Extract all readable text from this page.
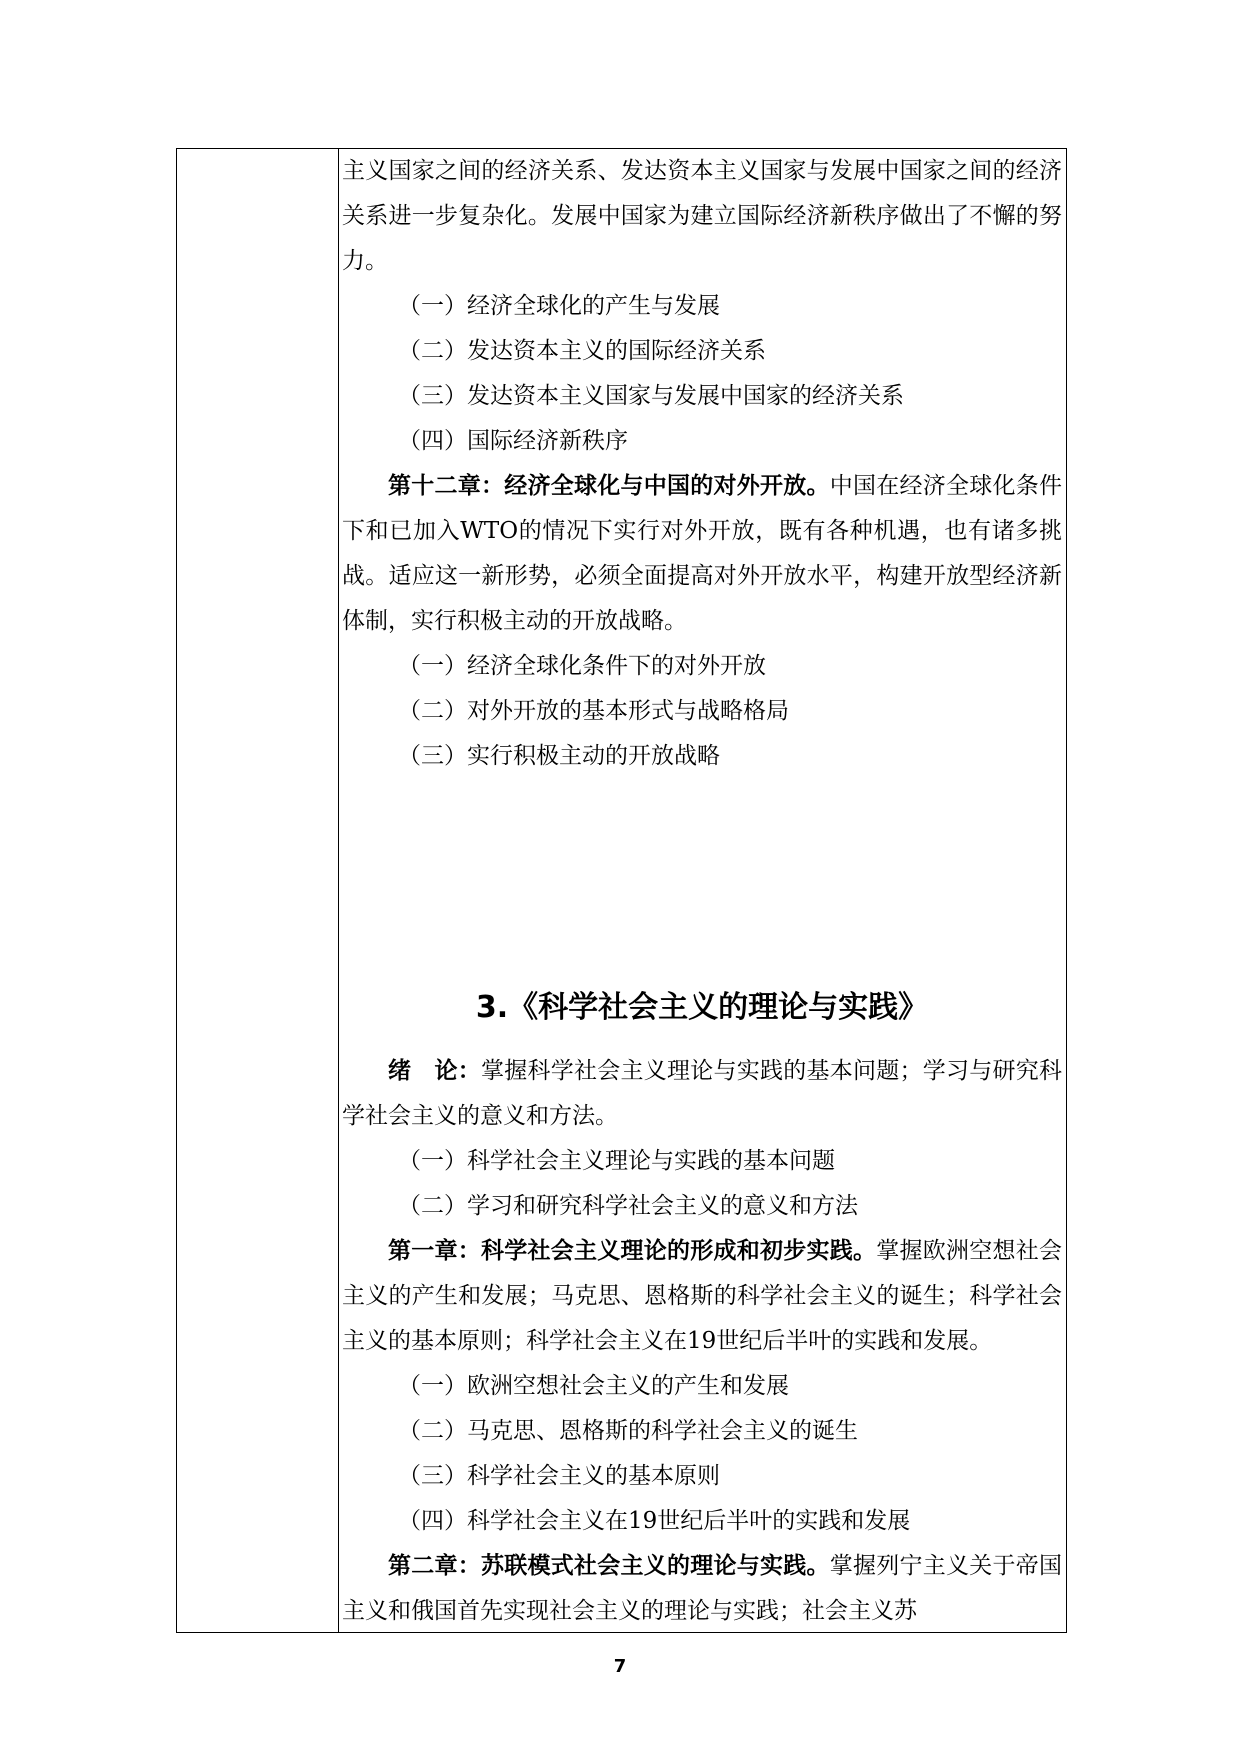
主义国家之间的经济关系、发达资本主义国家与发展中国家之间的经济关系进一步复杂化。发展中国家为建立国际经济新秩序做出了不懈的努力。

（一）经济全球化的产生与发展

（二）发达资本主义的国际经济关系

（三）发达资本主义国家与发展中国家的经济关系

（四）国际经济新秩序

第十二章：经济全球化与中国的对外开放。中国在经济全球化条件下和已加入WTO的情况下实行对外开放，既有各种机遇，也有诸多挑战。适应这一新形势，必须全面提高对外开放水平，构建开放型经济新体制，实行积极主动的开放战略。

（一）经济全球化条件下的对外开放

（二）对外开放的基本形式与战略格局

（三）实行积极主动的开放战略

3.《科学社会主义的理论与实践》

绪　论：掌握科学社会主义理论与实践的基本问题；学习与研究科学社会主义的意义和方法。

（一）科学社会主义理论与实践的基本问题

（二）学习和研究科学社会主义的意义和方法

第一章：科学社会主义理论的形成和初步实践。掌握欧洲空想社会主义的产生和发展；马克思、恩格斯的科学社会主义的诞生；科学社会主义的基本原则；科学社会主义在19世纪后半叶的实践和发展。

（一）欧洲空想社会主义的产生和发展

（二）马克思、恩格斯的科学社会主义的诞生

（三）科学社会主义的基本原则

（四）科学社会主义在19世纪后半叶的实践和发展

第二章：苏联模式社会主义的理论与实践。掌握列宁主义关于帝国主义和俄国首先实现社会主义的理论与实践；社会主义苏

7
